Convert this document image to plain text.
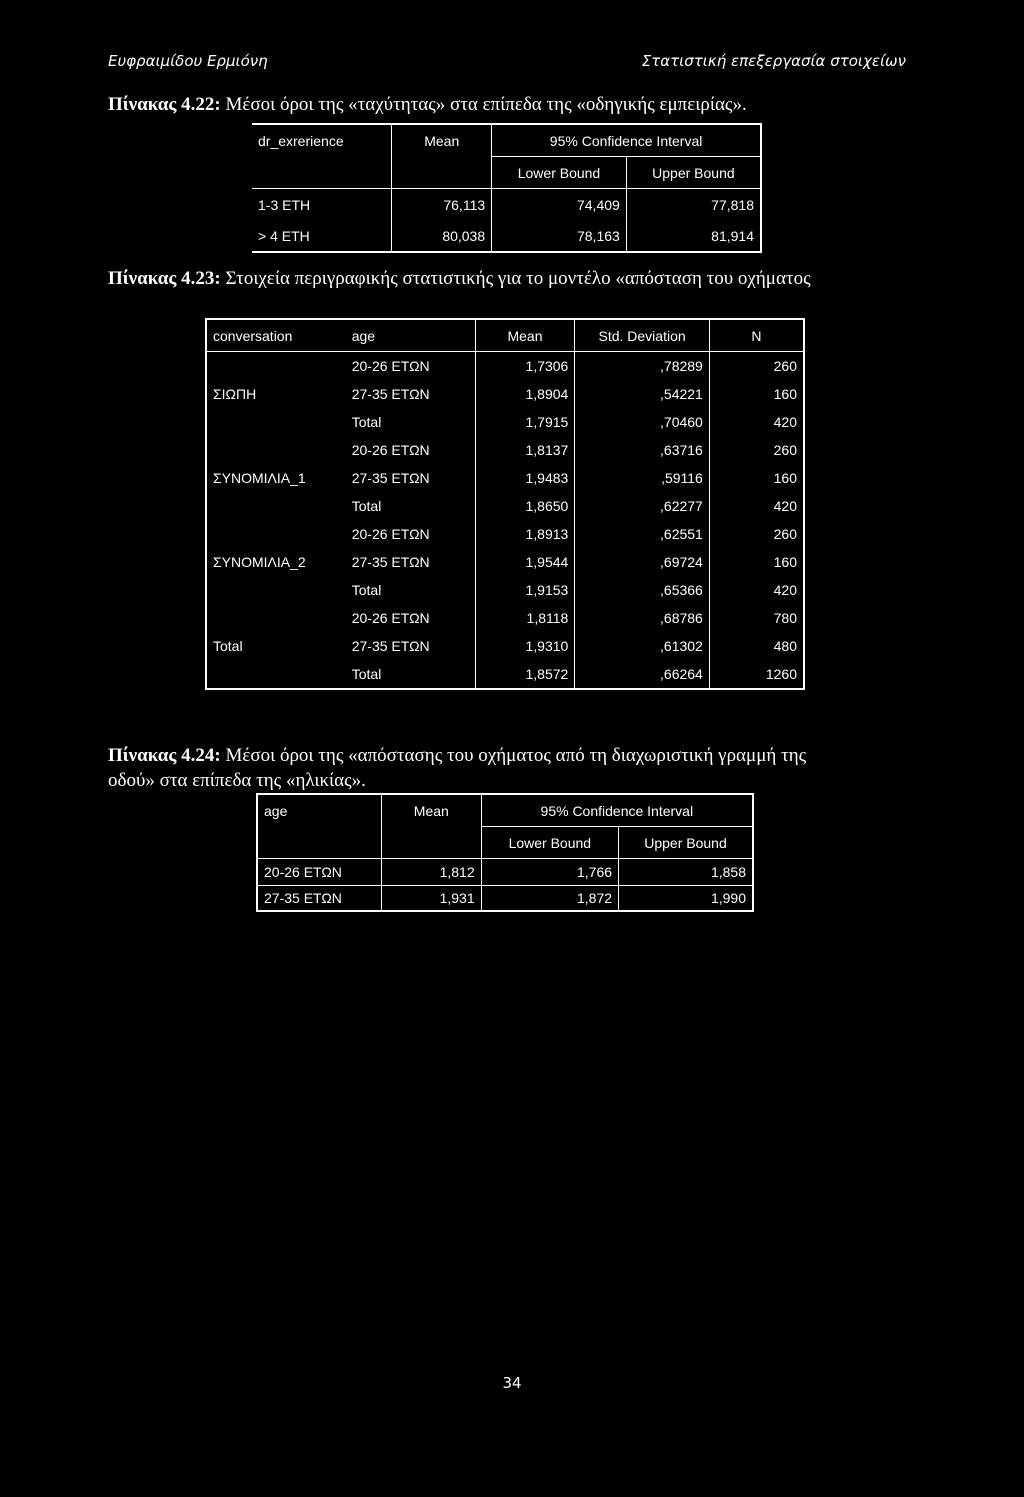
Ευφραιμίδου Ερμιόνη	Στατιστική επεξεργασία στοιχείων
Πίνακας 4.22: Μέσοι όροι της «ταχύτητας» στα επίπεδα της «οδηγικής εμπειρίας».
dr_exrerience	Mean	95% Confidence Interval	
		Lower Bound	Upper Bound
1-3 ETH	76,113	74,409	77,818
> 4 ETH	80,038	78,163	81,914
Πίνακας 4.23: Στοιχεία περιγραφικής στατιστικής για το μοντέλο «απόσταση του οχήματος
conversation	age	Mean	Std. Deviation	N
	20-26 ΕΤΩΝ	1,7306	,78289	260
ΣΙΩΠΗ	27-35 ΕΤΩΝ	1,8904	,54221	160
	Total	1,7915	,70460	420
	20-26 ΕΤΩΝ	1,8137	,63716	260
ΣΥΝΟΜΙΛΙΑ_1	27-35 ΕΤΩΝ	1,9483	,59116	160
	Total	1,8650	,62277	420
	20-26 ΕΤΩΝ	1,8913	,62551	260
ΣΥΝΟΜΙΛΙΑ_2	27-35 ΕΤΩΝ	1,9544	,69724	160
	Total	1,9153	,65366	420
	20-26 ΕΤΩΝ	1,8118	,68786	780
Total	27-35 ΕΤΩΝ	1,9310	,61302	480
	Total	1,8572	,66264	1260
Πίνακας 4.24: Μέσοι όροι της «απόστασης του οχήματος από τη διαχωριστική γραμμή της
οδού» στα επίπεδα της «ηλικίας».
age	Mean	95% Confidence Interval	
		Lower Bound	Upper Bound
20-26 ΕΤΩΝ	1,812	1,766	1,858
27-35 ΕΤΩΝ	1,931	1,872	1,990
34
